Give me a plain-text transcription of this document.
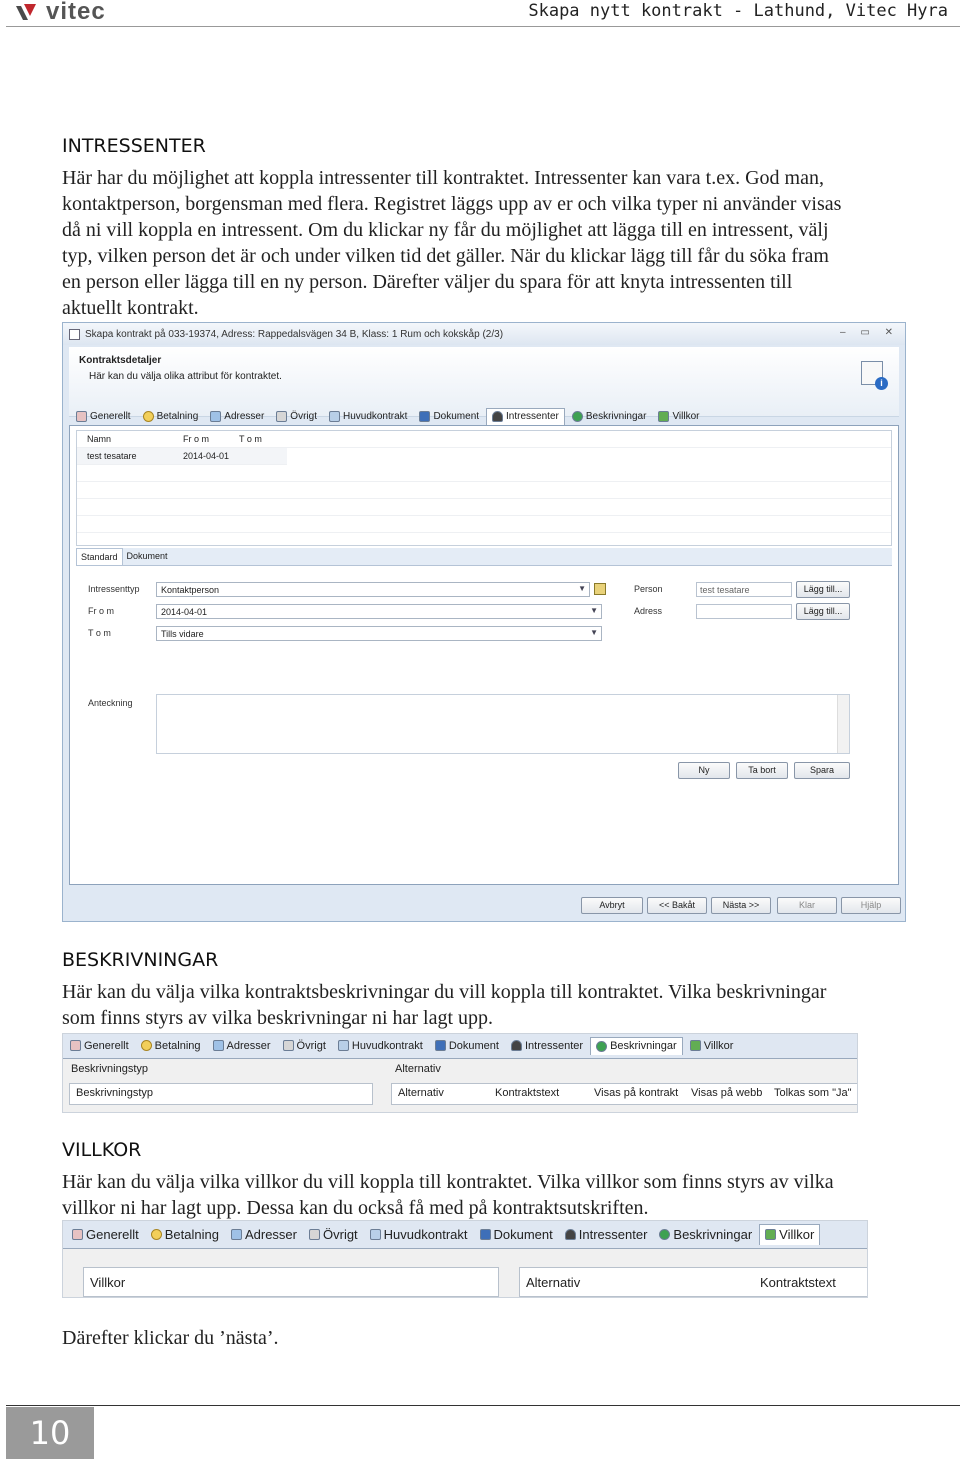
vitec	Skapa nytt kontrakt - Lathund, Vitec Hyra
INTRESSENTER
Här har du möjlighet att koppla intressenter till kontraktet. Intressenter kan vara t.ex. God man,
kontaktperson, borgensman med flera. Registret läggs upp av er och vilka typer ni använder visas
då ni vill koppla en intressent. Om du klickar ny får du möjlighet att lägga till en intressent, välj
typ, vilken person det är och under vilken tid det gäller. När du klickar lägg till får du söka fram
en person eller lägga till en ny person. Därefter väljer du spara för att knyta intressenten till
aktuellt kontrakt.
Skapa kontrakt på 033-19374, Adress: Rappedalsvägen 34 B, Klass: 1 Rum och kokskåp (2/3)	– ▭ ✕
Kontraktsdetaljer
Här kan du välja olika attribut för kontraktet.
i
Generellt	Betalning	Adresser	Övrigt	Huvudkontrakt	Dokument	Intressenter	Beskrivningar	Villkor
Namn	Fr o m	T o m
test tesatare	2014-04-01
Standard	Dokument
Intressenttyp	Kontaktperson	▼
Fr o m	2014-04-01	▼
T o m	Tills vidare	▼
Person	test tesatare	Lägg till...
Adress	Lägg till...
Anteckning
Ny	Ta bort	Spara
Avbryt	<< Bakåt	Nästa >>	Klar	Hjälp
BESKRIVNINGAR
Här kan du välja vilka kontraktsbeskrivningar du vill koppla till kontraktet. Vilka beskrivningar
som finns styrs av vilka beskrivningar ni har lagt upp.
Generellt Betalning Adresser Övrigt Huvudkontrakt Dokument Intressenter Beskrivningar Villkor
Beskrivningstyp	Alternativ
Beskrivningstyp	Alternativ	Kontraktstext	Visas på kontrakt	Visas på webb	Tolkas som "Ja"
VILLKOR
Här kan du välja vilka villkor du vill koppla till kontraktet. Vilka villkor som finns styrs av vilka
villkor ni har lagt upp. Dessa kan du också få med på kontraktsutskriften.
Generellt Betalning Adresser Övrigt Huvudkontrakt Dokument Intressenter Beskrivningar Villkor
Villkor	Alternativ	Kontraktstext
Därefter klickar du ’nästa’.
10
